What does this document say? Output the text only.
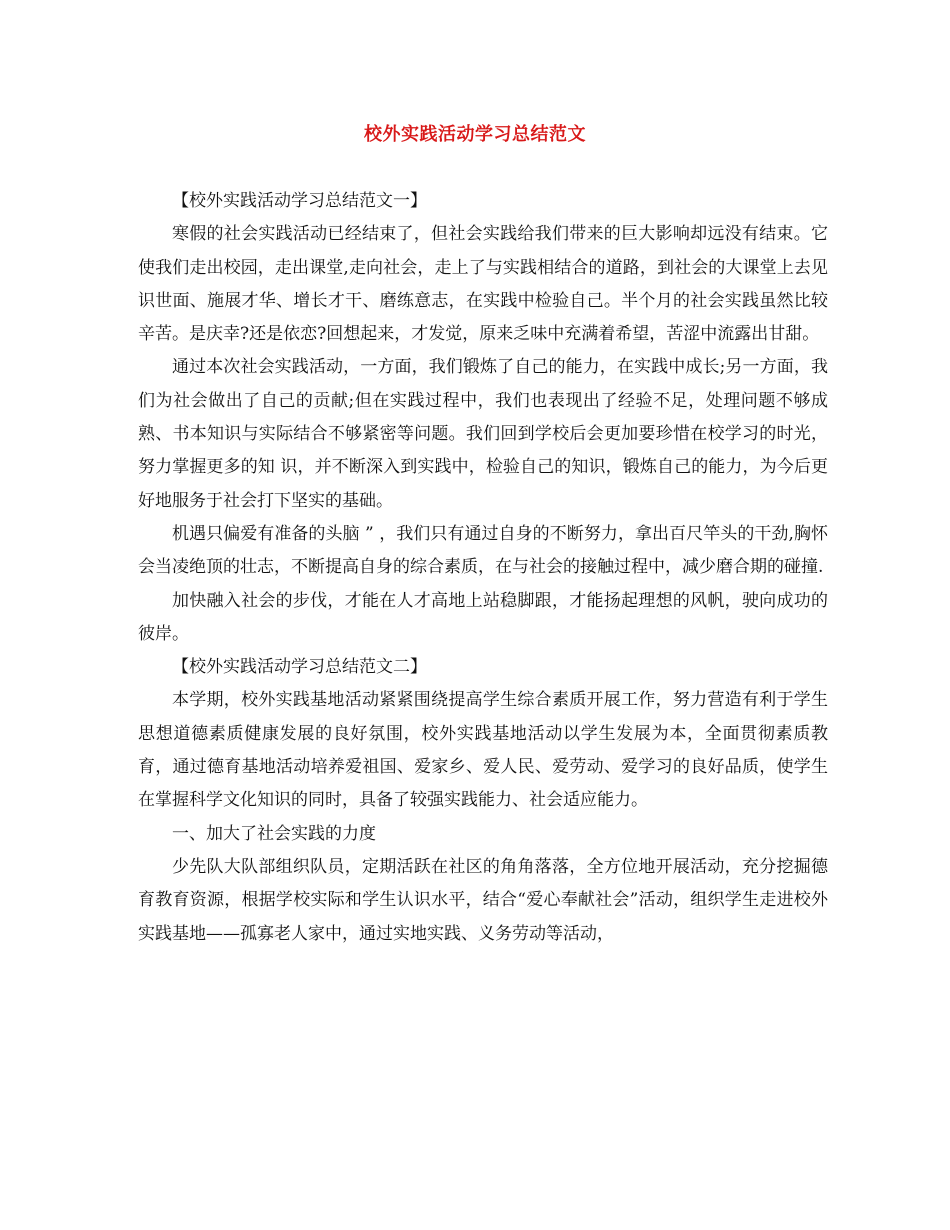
校外实践活动学习总结范文

【校外实践活动学习总结范文一】

寒假的社会实践活动已经结束了，但社会实践给我们带来的巨大影响却远没有结束。它使我们走出校园，走出课堂,走向社会，走上了与实践相结合的道路，到社会的大课堂上去见识世面、施展才华、增长才干、磨练意志，在实践中检验自己。半个月的社会实践虽然比较辛苦。是庆幸?还是依恋?回想起来，才发觉，原来乏味中充满着希望，苦涩中流露出甘甜。

通过本次社会实践活动，一方面，我们锻炼了自己的能力，在实践中成长;另一方面，我们为社会做出了自己的贡献;但在实践过程中，我们也表现出了经验不足，处理问题不够成熟、书本知识与实际结合不够紧密等问题。我们回到学校后会更加要珍惜在校学习的时光，努力掌握更多的知 识，并不断深入到实践中，检验自己的知识，锻炼自己的能力，为今后更好地服务于社会打下坚实的基础。

机遇只偏爱有准备的头脑 ” ，我们只有通过自身的不断努力，拿出百尺竿头的干劲,胸怀会当凌绝顶的壮志，不断提高自身的综合素质，在与社会的接触过程中，减少磨合期的碰撞.

加快融入社会的步伐，才能在人才高地上站稳脚跟，才能扬起理想的风帆，驶向成功的彼岸。

【校外实践活动学习总结范文二】

本学期，校外实践基地活动紧紧围绕提高学生综合素质开展工作，努力营造有利于学生思想道德素质健康发展的良好氛围，校外实践基地活动以学生发展为本，全面贯彻素质教育，通过德育基地活动培养爱祖国、爱家乡、爱人民、爱劳动、爱学习的良好品质，使学生在掌握科学文化知识的同时，具备了较强实践能力、社会适应能力。

一、加大了社会实践的力度

少先队大队部组织队员，定期活跃在社区的角角落落，全方位地开展活动，充分挖掘德育教育资源，根据学校实际和学生认识水平，结合“爱心奉献社会”活动，组织学生走进校外实践基地——孤寡老人家中，通过实地实践、义务劳动等活动，
